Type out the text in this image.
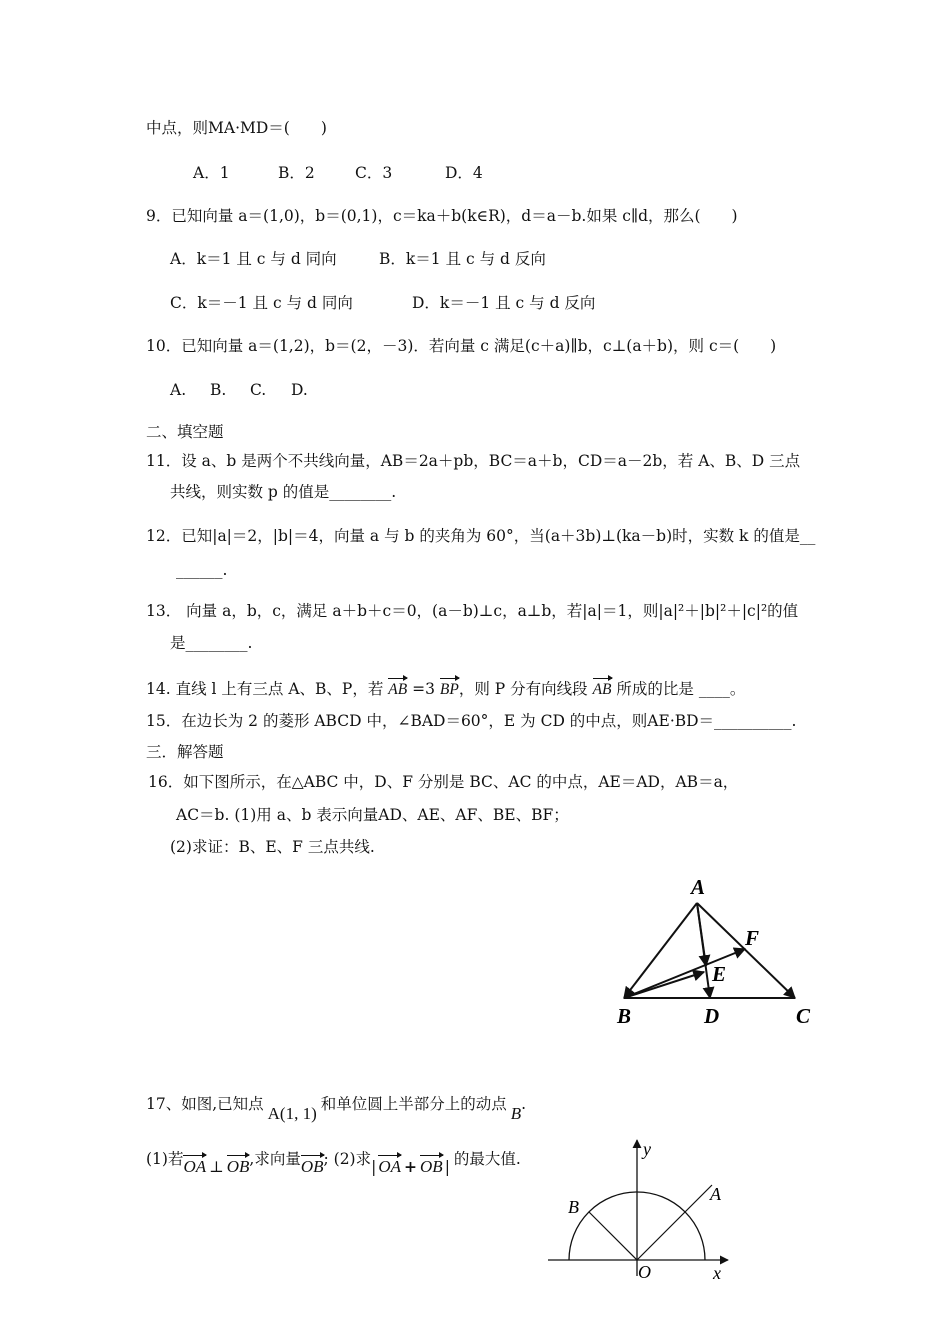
中点，则MA·MD＝(　　)
A．1	B．2	C．3	D．4
9．已知向量 a＝(1,0)，b＝(0,1)，c＝ka＋b(k∈R)，d＝a－b.如果 c∥d，那么(　　)
A．k＝1 且 c 与 d 同向	B．k＝1 且 c 与 d 反向
C．k＝－1 且 c 与 d 同向	D．k＝－1 且 c 与 d 反向
10．已知向量 a＝(1,2)，b＝(2，－3)．若向量 c 满足(c＋a)∥b，c⊥(a＋b)，则 c＝(　　)
A. B. C. D.
二、填空题
11．设 a、b 是两个不共线向量，AB＝2a＋pb，BC＝a＋b，CD＝a－2b，若 A、B、D 三点
共线，则实数 p 的值是________.
12．已知|a|＝2，|b|＝4，向量 a 与 b 的夹角为 60°，当(a＋3b)⊥(ka－b)时，实数 k 的值是__
______.
13． 向量 a，b，c，满足 a＋b＋c＝0，(a－b)⊥c，a⊥b，若|a|＝1，则|a|²＋|b|²＋|c|²的值
是________.
14. 直线 l 上有三点 A、B、P，若 AB =3 BP，则 P 分有向线段 AB 所成的比是 ____。
15．在边长为 2 的菱形 ABCD 中，∠BAD＝60°，E 为 CD 的中点，则AE·BD＝__________.
三．解答题
16．如下图所示，在△ABC 中，D、F 分别是 BC、AC 的中点，AE＝AD，AB＝a，
AC＝b. (1)用 a、b 表示向量AD、AE、AF、BE、BF；
(2)求证：B、E、F 三点共线.
A
F
E
B	D	C
17、如图,已知点 A(1, 1) 和单位圆上半部分上的动点 B.
(1)若OA ⊥ OB,求向量OB; (2)求| OA + OB | 的最大值.	y
A
B
O	x
